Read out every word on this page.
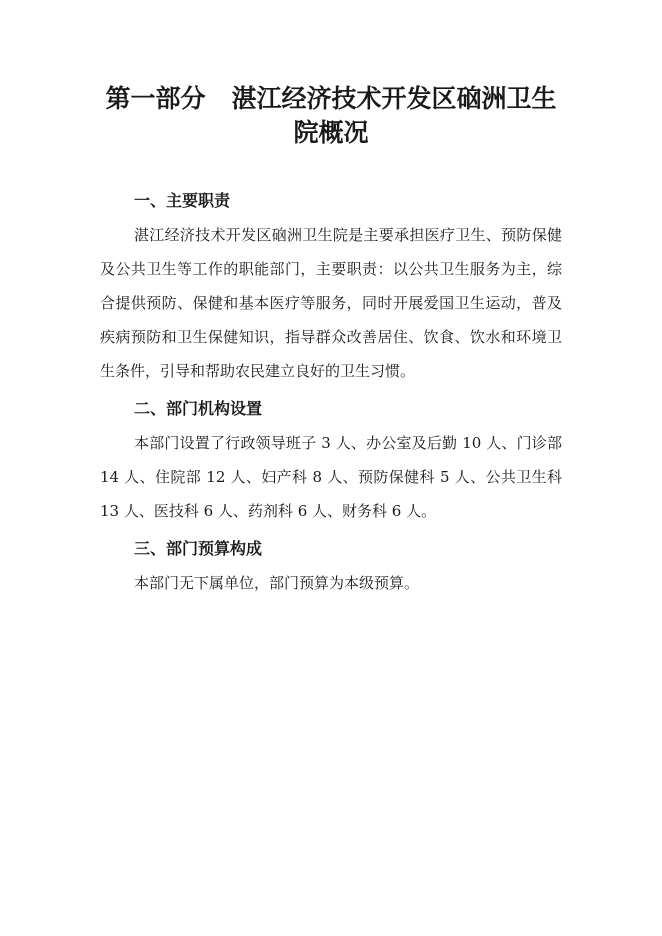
第一部分 湛江经济技术开发区硇洲卫生
院概况
一、主要职责

湛江经济技术开发区硇洲卫生院是主要承担医疗卫生、预防保健及公共卫生等工作的职能部门，主要职责：以公共卫生服务为主，综合提供预防、保健和基本医疗等服务，同时开展爱国卫生运动，普及疾病预防和卫生保健知识，指导群众改善居住、饮食、饮水和环境卫生条件，引导和帮助农民建立良好的卫生习惯。

二、部门机构设置

本部门设置了行政领导班子 3 人、办公室及后勤 10 人、门诊部 14 人、住院部 12 人、妇产科 8 人、预防保健科 5 人、公共卫生科 13 人、医技科 6 人、药剂科 6 人、财务科 6 人。

三、部门预算构成

本部门无下属单位，部门预算为本级预算。
